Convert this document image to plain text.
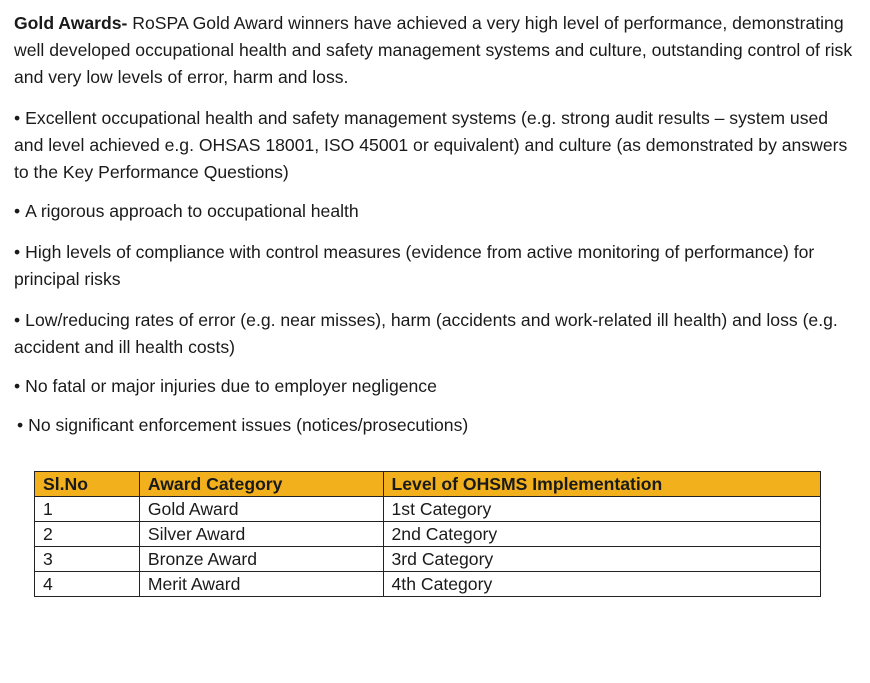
Gold Awards- RoSPA Gold Award winners have achieved a very high level of performance, demonstrating well developed occupational health and safety management systems and culture, outstanding control of risk and very low levels of error, harm and loss.

• Excellent occupational health and safety management systems (e.g. strong audit results – system used and level achieved e.g. OHSAS 18001, ISO 45001 or equivalent) and culture (as demonstrated by answers to the Key Performance Questions)

• A rigorous approach to occupational health

• High levels of compliance with control measures (evidence from active monitoring of performance) for principal risks

• Low/reducing rates of error (e.g. near misses), harm (accidents and work-related ill health) and loss (e.g. accident and ill health costs)

• No fatal or major injuries due to employer negligence

• No significant enforcement issues (notices/prosecutions)

Sl.No	Award Category	Level of OHSMS Implementation
1	Gold Award	1st Category
2	Silver Award	2nd Category
3	Bronze Award	3rd Category
4	Merit Award	4th Category
